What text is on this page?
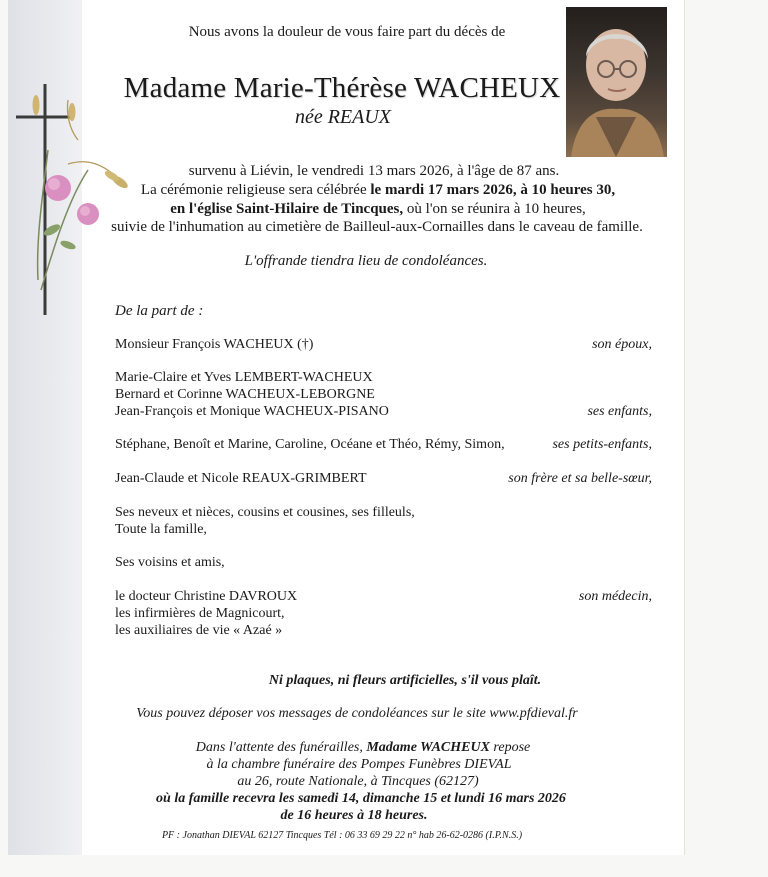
Nous avons la douleur de vous faire part du décès de
Madame Marie-Thérèse WACHEUX
née REAUX
survenu à Liévin, le vendredi 13 mars 2026, à l'âge de 87 ans.
La cérémonie religieuse sera célébrée le mardi 17 mars 2026, à 10 heures 30,
en l'église Saint-Hilaire de Tincques, où l'on se réunira à 10 heures,
suivie de l'inhumation au cimetière de Bailleul-aux-Cornailles dans le caveau de famille.
L'offrande tiendra lieu de condoléances.
De la part de :
Monsieur François WACHEUX (†)	son époux,
Marie-Claire et Yves LEMBERT-WACHEUX
Bernard et Corinne WACHEUX-LEBORGNE
Jean-François et Monique WACHEUX-PISANO	ses enfants,
Stéphane, Benoît et Marine, Caroline, Océane et Théo, Rémy, Simon,	ses petits-enfants,
Jean-Claude et Nicole REAUX-GRIMBERT	son frère et sa belle-sœur,
Ses neveux et nièces, cousins et cousines, ses filleuls,
Toute la famille,
Ses voisins et amis,
le docteur Christine DAVROUX	son médecin,
les infirmières de Magnicourt,
les auxiliaires de vie « Azaé »
Ni plaques, ni fleurs artificielles, s'il vous plaît.
Vous pouvez déposer vos messages de condoléances sur le site www.pfdieval.fr
Dans l'attente des funérailles, Madame WACHEUX repose
à la chambre funéraire des Pompes Funèbres DIEVAL
au 26, route Nationale, à Tincques (62127)
où la famille recevra les samedi 14, dimanche 15 et lundi 16 mars 2026
de 16 heures à 18 heures.
PF : Jonathan DIEVAL 62127 Tincques Tél : 06 33 69 29 22 n° hab 26-62-0286 (I.P.N.S.)
